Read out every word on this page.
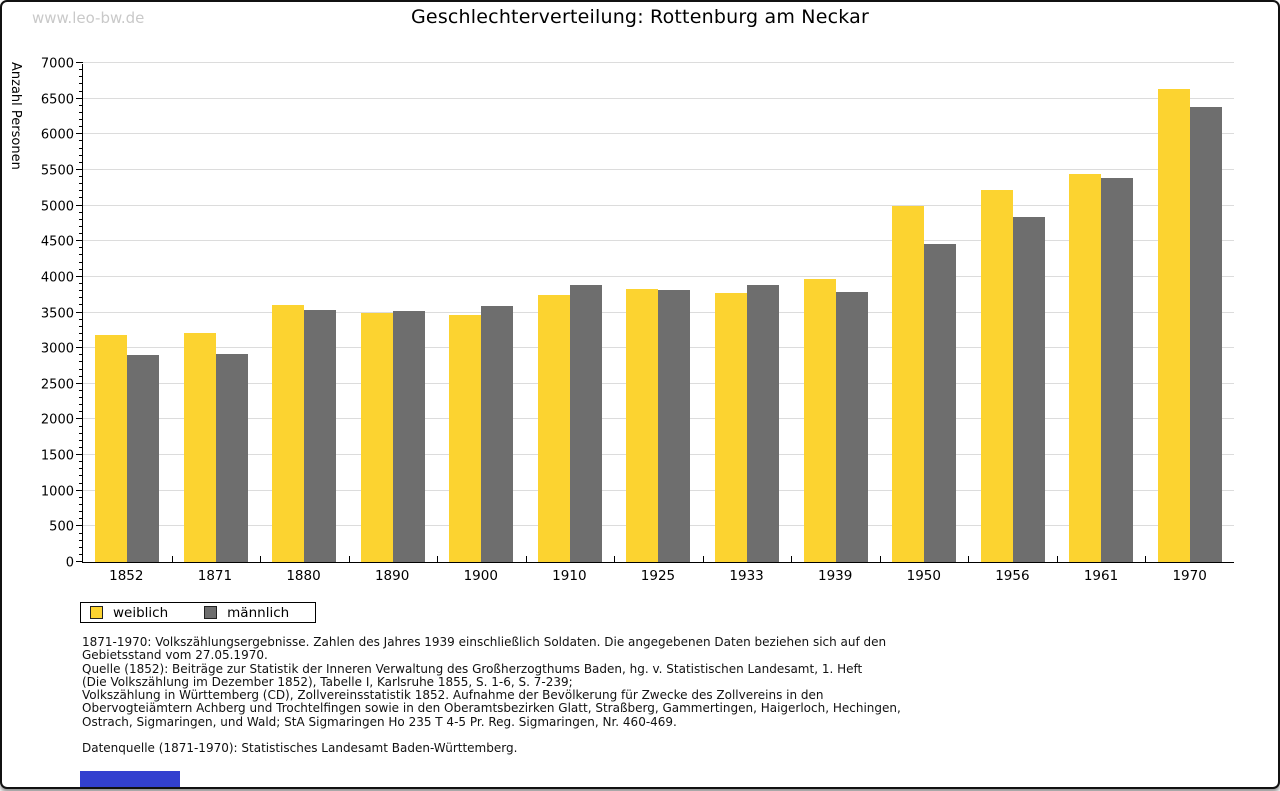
www.leo-bw.de	Geschlechterverteilung: Rottenburg am Neckar
Anzahl Personen
0
500
1000
1500
2000
2500
3000
3500
4000
4500
5000
5500
6000
6500
7000
1852	1871	1880	1890	1900	1910	1925	1933	1939	1950	1956	1961	1970
weiblich	männlich
1871-1970: Volkszählungsergebnisse. Zahlen des Jahres 1939 einschließlich Soldaten. Die angegebenen Daten beziehen sich auf den
Gebietsstand vom 27.05.1970.
Quelle (1852): Beiträge zur Statistik der Inneren Verwaltung des Großherzogthums Baden, hg. v. Statistischen Landesamt, 1. Heft
(Die Volkszählung im Dezember 1852), Tabelle I, Karlsruhe 1855, S. 1-6, S. 7-239;
Volkszählung in Württemberg (CD), Zollvereinsstatistik 1852. Aufnahme der Bevölkerung für Zwecke des Zollvereins in den
Obervogteiämtern Achberg und Trochtelfingen sowie in den Oberamtsbezirken Glatt, Straßberg, Gammertingen, Haigerloch, Hechingen,
Ostrach, Sigmaringen, und Wald; StA Sigmaringen Ho 235 T 4-5 Pr. Reg. Sigmaringen, Nr. 460-469.
Datenquelle (1871-1970): Statistisches Landesamt Baden-Württemberg.
